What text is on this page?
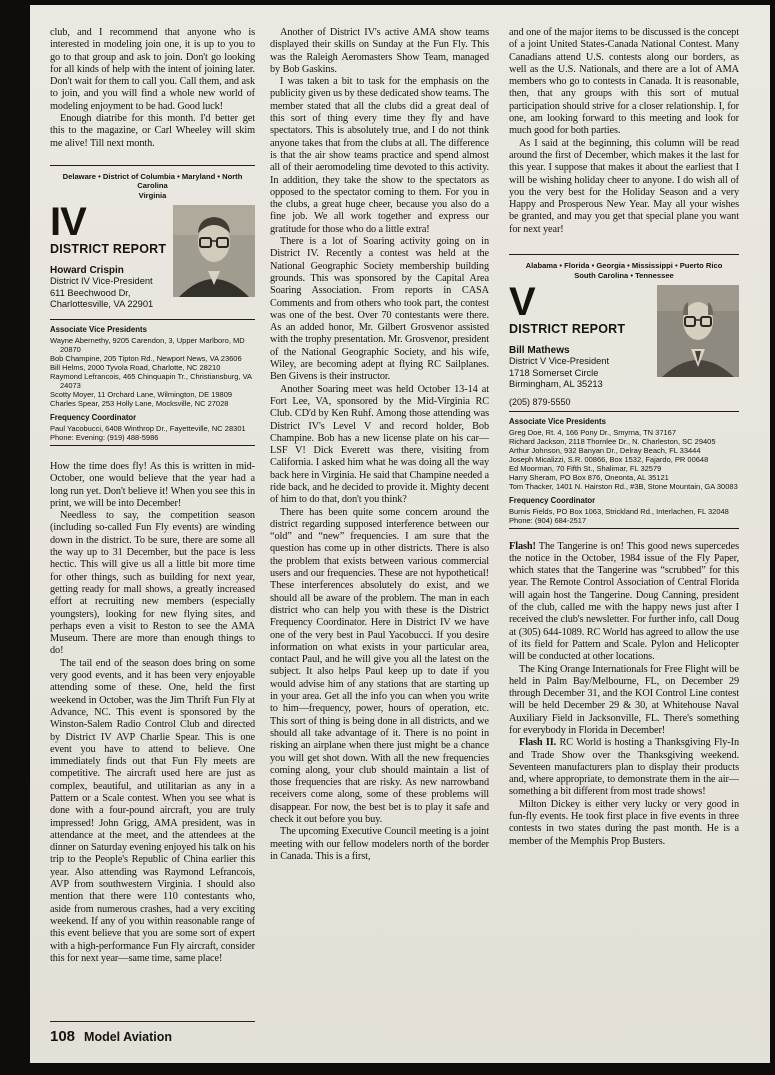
club, and I recommend that anyone who is interested in modeling join one, it is up to you to go to that group and ask to join. Don't go looking for all kinds of help with the intent of joining later. Don't wait for them to call you. Call them, and ask to join, and you will find a whole new world of modeling enjoyment to be had. Good luck!

Enough diatribe for this month. I'd better get this to the magazine, or Carl Wheeley will skim me alive! Till next month.

Delaware • District of Columbia • Maryland • North Carolina
Virginia
IV
DISTRICT REPORT
Howard Crispin
District IV Vice-President
611 Beechwood Dr,
Charlottesville, VA 22901
Associate Vice Presidents
Wayne Abernethy, 9205 Carendon, 3, Upper Marlboro, MD 20870
Bob Champine, 205 Tipton Rd., Newport News, VA 23606
Bill Helms, 2000 Tyvola Road, Charlotte, NC 28210
Raymond Lefrancois, 465 Chinquapin Tr., Christiansburg, VA 24073
Scotty Moyer, 11 Orchard Lane, Wilmington, DE 19809
Charles Spear, 253 Holly Lane, Mocksville, NC 27028
Frequency Coordinator
Paul Yacobucci, 6408 Winthrop Dr., Fayetteville, NC 28301
Phone: Evening: (919) 488-5986

How the time does fly! As this is written in mid-October, one would believe that the year had a long run yet. Don't believe it! When you see this in print, we will be into December!

Needless to say, the competition season (including so-called Fun Fly events) are winding down in the district. To be sure, there are some all the way up to 31 December, but the pace is less hectic. This will give us all a little bit more time for other things, such as building for next year, getting ready for mall shows, a greatly increased effort at recruiting new members (especially youngsters), looking for new flying sites, and perhaps even a visit to Reston to see the AMA Museum. There are more than enough things to do!

The tail end of the season does bring on some very good events, and it has been very enjoyable attending some of these. One, held the first weekend in October, was the Jim Thrift Fun Fly at Advance, NC. This event is sponsored by the Winston-Salem Radio Control Club and directed by District IV AVP Charlie Spear. This is one event you have to attend to believe. One immediately finds out that Fun Fly meets are competitive. The aircraft used here are just as complex, beautiful, and utilitarian as any in a Pattern or a Scale contest. When you see what is done with a four-pound aircraft, you are truly impressed! John Grigg, AMA president, was in attendance at the meet, and the attendees at the dinner on Saturday evening enjoyed his talk on his trip to the People's Republic of China earlier this year. Also attending was Raymond Lefrancois, AVP from southwestern Virginia. I should also mention that there were 110 contestants who, aside from numerous crashes, had a very exciting weekend. If any of you within reasonable range of this event believe that you are some sort of expert with a high-performance Fun Fly aircraft, consider this for next year—same time, same place!

Another of District IV's active AMA show teams displayed their skills on Sunday at the Fun Fly. This was the Raleigh Aeromasters Show Team, managed by Bob Gaskins.

I was taken a bit to task for the emphasis on the publicity given us by these dedicated show teams. The member stated that all the clubs did a great deal of this sort of thing every time they fly and have spectators. This is absolutely true, and I do not think anyone takes that from the clubs at all. The difference is that the air show teams practice and spend almost all of their aeromodeling time devoted to this activity. In addition, they take the show to the spectators as opposed to the spectator coming to them. For you in the clubs, a great huge cheer, because you also do a fine job. We all work together and express our gratitude for those who do a little extra!

There is a lot of Soaring activity going on in District IV. Recently a contest was held at the National Geographic Society membership building grounds. This was sponsored by the Capital Area Soaring Association. From reports in CASA Comments and from others who took part, the contest was one of the best. Over 70 contestants were there. As an added honor, Mr. Gilbert Grosvenor assisted with the trophy presentation. Mr. Grosvenor, president of the National Geographic Society, and his wife, Wiley, are becoming adept at flying RC Sailplanes. Ben Givens is their instructor.

Another Soaring meet was held October 13-14 at Fort Lee, VA, sponsored by the Mid-Virginia RC Club. CD'd by Ken Ruhf. Among those attending was District IV's Level V and record holder, Bob Champine. Bob has a new license plate on his car—LSF V! Dick Everett was there, visiting from California. I asked him what he was doing all the way back here in Virginia. He said that Champine needed a ride back, and he decided to provide it. Mighty decent of him to do that, don't you think?

There has been quite some concern around the district regarding supposed interference between our “old” and “new” frequencies. I am sure that the question has come up in other districts. There is also the problem that exists between various commercial users and our frequencies. These are not hypothetical! These interferences absolutely do exist, and we should all be aware of the problem. The man in each district who can help you with these is the District Frequency Coordinator. Here in District IV we have one of the very best in Paul Yacobucci. If you desire information on what exists in your particular area, contact Paul, and he will give you all the latest on the subject. It also helps Paul keep up to date if you would advise him of any stations that are starting up in your area. Get all the info you can when you write to him—frequency, power, hours of operation, etc. This sort of thing is being done in all districts, and we should all take advantage of it. There is no point in risking an airplane when there just might be a chance you will get shot down. With all the new frequencies coming along, your club should maintain a list of those frequencies that are risky. As new narrowband receivers come along, some of these problems will disappear. For now, the best bet is to play it safe and check it out before you buy.

The upcoming Executive Council meeting is a joint meeting with our fellow modelers north of the border in Canada. This is a first,

and one of the major items to be discussed is the concept of a joint United States-Canada National Contest. Many Canadians attend U.S. contests along our borders, as well as the U.S. Nationals, and there are a lot of AMA members who go to contests in Canada. It is reasonable, then, that any groups with this sort of mutual participation should strive for a closer relationship. I, for one, am looking forward to this meeting and look for much good for both parties.

As I said at the beginning, this column will be read around the first of December, which makes it the last for this year. I suppose that makes it about the earliest that I will be wishing holiday cheer to anyone. I do wish all of you the very best for the Holiday Season and a very Happy and Prosperous New Year. May all your wishes be granted, and may you get that special plane you want for next year!

Alabama • Florida • Georgia • Mississippi • Puerto Rico
South Carolina • Tennessee
V
DISTRICT REPORT
Bill Mathews
District V Vice-President
1718 Somerset Circle
Birmingham, AL 35213
(205) 879-5550
Associate Vice Presidents
Greg Doe, Rt. 4, 166 Pony Dr., Smyrna, TN 37167
Richard Jackson, 2118 Thornlee Dr., N. Charleston, SC 29405
Arthur Johnson, 932 Banyan Dr., Delray Beach, FL 33444
Joseph Micalizzi, S.R. 00866, Box 1532, Fajardo, PR 00648
Ed Moorman, 70 Fifth St., Shalimar, FL 32579
Harry Sheram, PO Box 876, Oneonta, AL 35121
Tom Thacker, 1401 N. Hairston Rd., #3B, Stone Mountain, GA 30083
Frequency Coordinator
Burnis Fields, PO Box 1063, Strickland Rd., Interlachen, FL 32048
Phone: (904) 684-2517

Flash! The Tangerine is on! This good news supercedes the notice in the October, 1984 issue of the Fly Paper, which states that the Tangerine was “scrubbed” for this year. The Remote Control Association of Central Florida will again host the Tangerine. Doug Canning, president of the club, called me with the happy news just after I received the club's newsletter. For further info, call Doug at (305) 644-1089. RC World has agreed to allow the use of its field for Pattern and Scale. Pylon and Helicopter will be conducted at other locations.

The King Orange Internationals for Free Flight will be held in Palm Bay/Melbourne, FL, on December 29 through December 31, and the KOI Control Line contest will be held December 29 & 30, at Whitehouse Naval Auxiliary Field in Jacksonville, FL. There's something for everybody in Florida in December!

Flash II. RC World is hosting a Thanksgiving Fly-In and Trade Show over the Thanksgiving weekend. Seventeen manufacturers plan to display their products and, where appropriate, to demonstrate them in the air—something a bit different from most trade shows!

Milton Dickey is either very lucky or very good in fun-fly events. He took first place in five events in three contests in two states during the past month. He is a member of the Memphis Prop Busters.

108 Model Aviation
